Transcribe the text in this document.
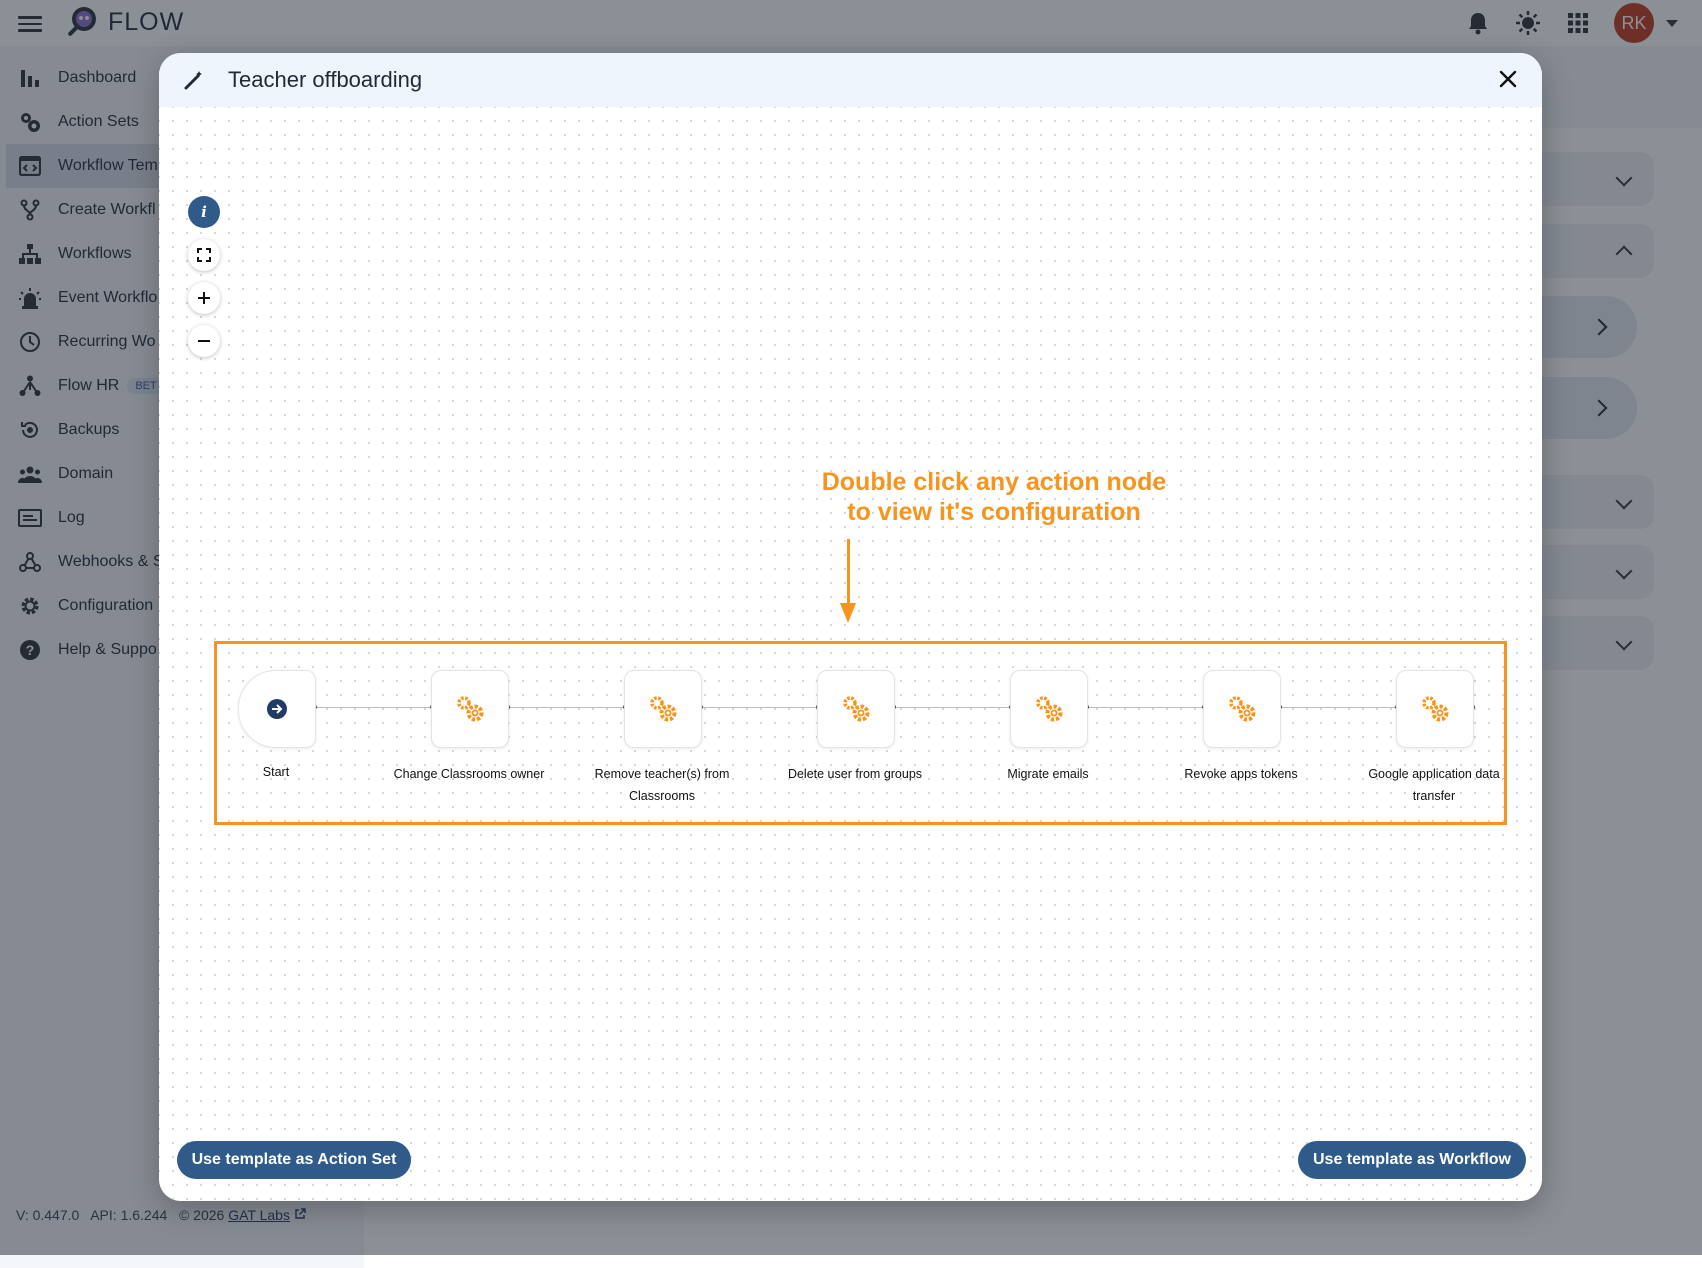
Teacher offboarding
i
Double click any action node
to view it's configuration
Start	Change Classrooms owner	Remove teacher(s) from Classrooms
Delete user from groups	Migrate emails	Revoke apps tokens	Google application data transfer
Use template as Action Set	Use template as Workflow
